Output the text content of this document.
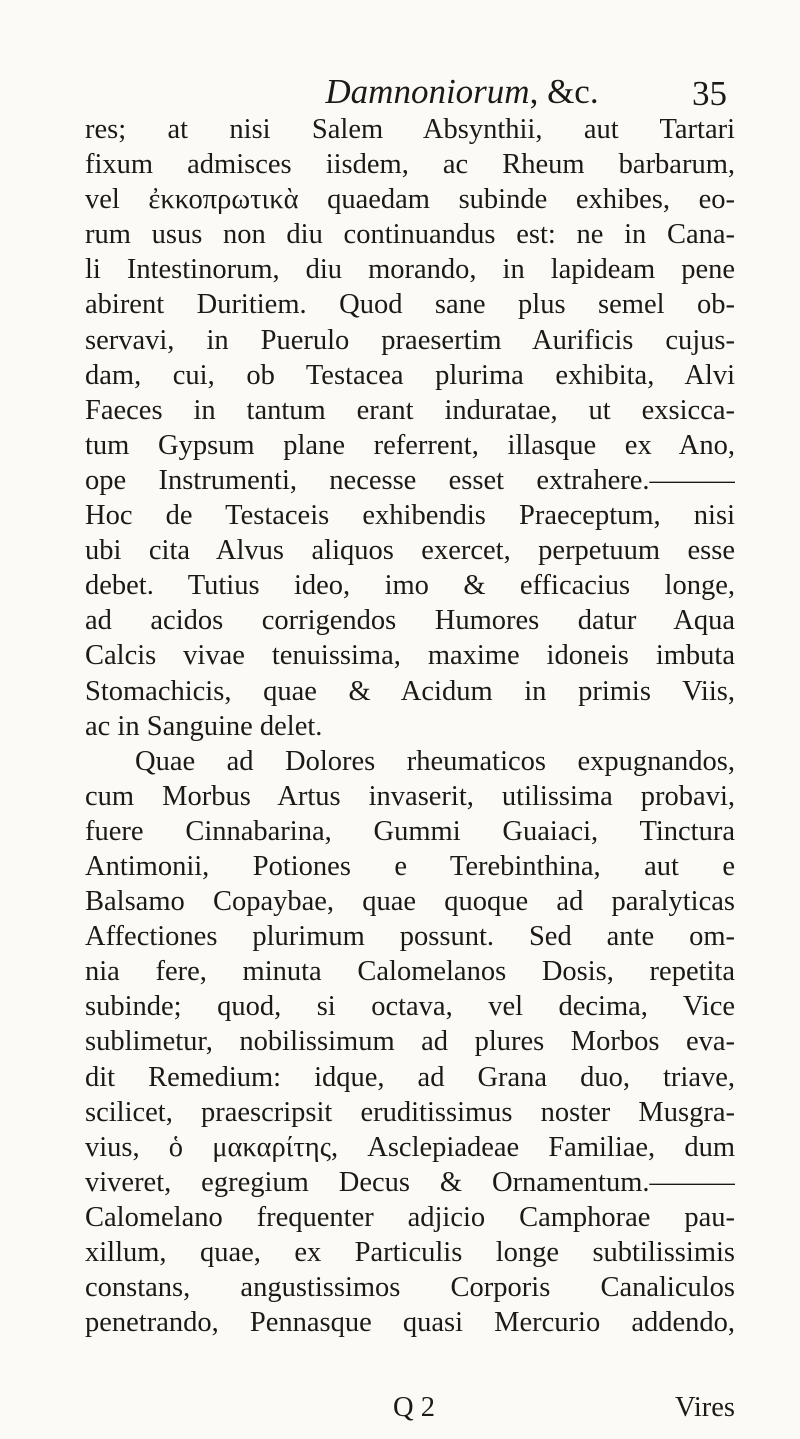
Damnoniorum, &c.	35
res; at nisi Salem Absynthii, aut Tartari
fixum admisces iisdem, ac Rheum barbarum,
vel ἐκκοπρωτικὰ quaedam subinde exhibes, eo-
rum usus non diu continuandus est: ne in Cana-
li Intestinorum, diu morando, in lapideam pene
abirent Duritiem. Quod sane plus semel ob-
servavi, in Puerulo praesertim Aurificis cujus-
dam, cui, ob Testacea plurima exhibita, Alvi
Faeces in tantum erant induratae, ut exsicca-
tum Gypsum plane referrent, illasque ex Ano,
ope Instrumenti, necesse esset extrahere.———
Hoc de Testaceis exhibendis Praeceptum, nisi
ubi cita Alvus aliquos exercet, perpetuum esse
debet. Tutius ideo, imo & efficacius longe,
ad acidos corrigendos Humores datur Aqua
Calcis vivae tenuissima, maxime idoneis imbuta
Stomachicis, quae & Acidum in primis Viis,
ac in Sanguine delet.
Quae ad Dolores rheumaticos expugnandos,
cum Morbus Artus invaserit, utilissima probavi,
fuere Cinnabarina, Gummi Guaiaci, Tinctura
Antimonii, Potiones e Terebinthina, aut e
Balsamo Copaybae, quae quoque ad paralyticas
Affectiones plurimum possunt. Sed ante om-
nia fere, minuta Calomelanos Dosis, repetita
subinde; quod, si octava, vel decima, Vice
sublimetur, nobilissimum ad plures Morbos eva-
dit Remedium: idque, ad Grana duo, triave,
scilicet, praescripsit eruditissimus noster Musgra-
vius, ὁ μακαρίτης, Asclepiadeae Familiae, dum
viveret, egregium Decus & Ornamentum.———
Calomelano frequenter adjicio Camphorae pau-
xillum, quae, ex Particulis longe subtilissimis
constans, angustissimos Corporis Canaliculos
penetrando, Pennasque quasi Mercurio addendo,
Q 2	Vires
